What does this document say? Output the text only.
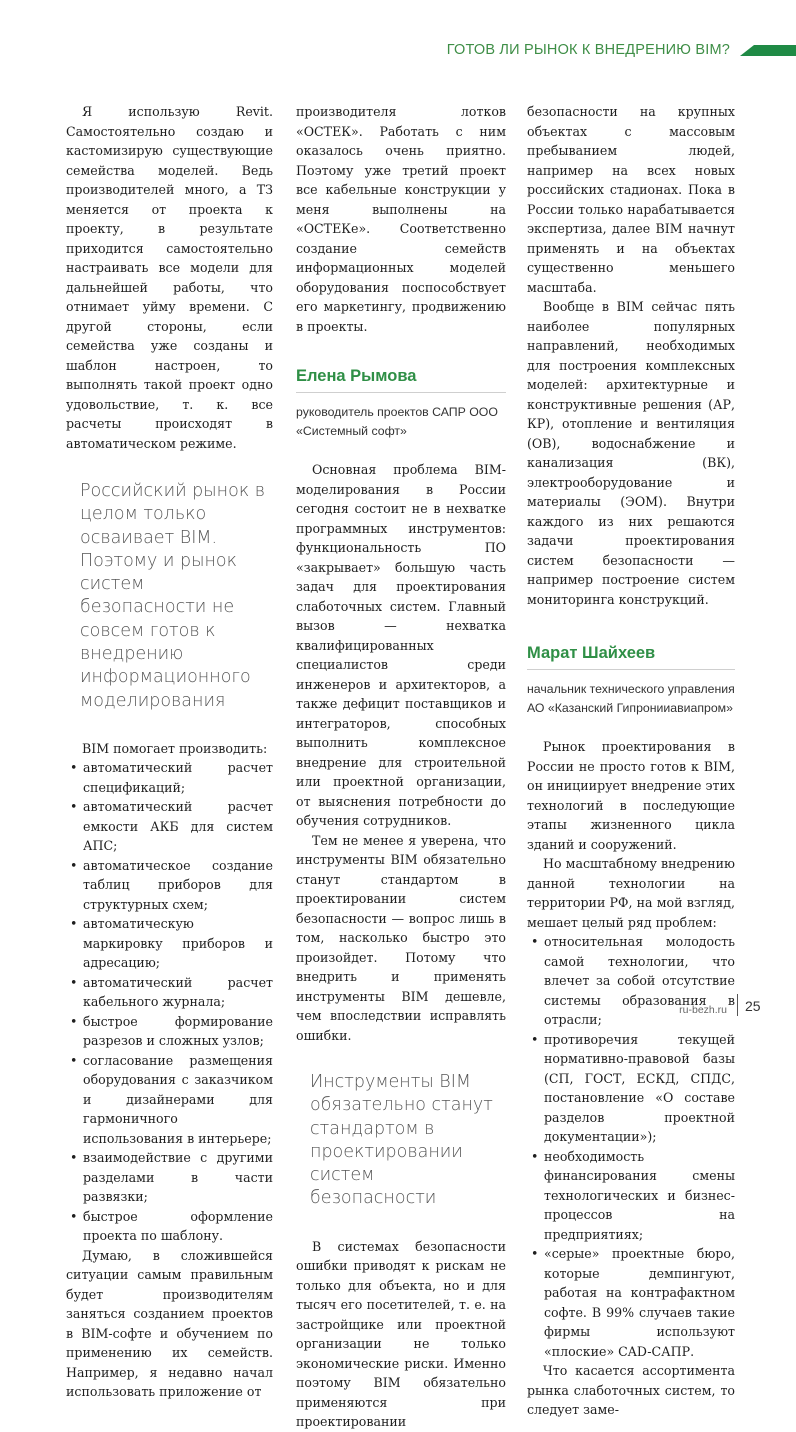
ГОТОВ ЛИ РЫНОК К ВНЕДРЕНИЮ BIM?

Я использую Revit. Самостоятельно создаю и кастомизирую существующие семейства моделей. Ведь производителей много, а ТЗ меняется от проекта к проекту, в результате приходится самостоятельно настраивать все модели для дальнейшей работы, что отнимает уйму времени. С другой стороны, если семейства уже созданы и шаблон настроен, то выполнять такой проект одно удовольствие, т. к. все расчеты происходят в автоматическом режиме.

Российский рынок в целом только осваивает BIM. Поэтому и рынок систем безопасности не совсем готов к внедрению информационного моделирования

BIM помогает производить:

• автоматический расчет спецификаций;
• автоматический расчет емкости АКБ для систем АПС;
• автоматическое создание таблиц приборов для структурных схем;
• автоматическую маркировку приборов и адресацию;
• автоматический расчет кабельного журнала;
• быстрое формирование разрезов и сложных узлов;
• согласование размещения оборудования с заказчиком и дизайнерами для гармоничного использования в интерьере;
• взаимодействие с другими разделами в части развязки;
• быстрое оформление проекта по шаблону.

Думаю, в сложившейся ситуации самым правильным будет производителям заняться созданием проектов в BIM-софте и обучением по применению их семейств. Например, я недавно начал использовать приложение от

производителя лотков «ОСТЕК». Работать с ним оказалось очень приятно. Поэтому уже третий проект все кабельные конструкции у меня выполнены на «ОСТЕКе». Соответственно создание семейств информационных моделей оборудования поспособствует его маркетингу, продвижению в проекты.

Елена Рымова
руководитель проектов САПР ООО «Системный софт»

Основная проблема BIM-моделирования в России сегодня состоит не в нехватке программных инструментов: функциональность ПО «закрывает» большую часть задач для проектирования слаботочных систем. Главный вызов — нехватка квалифицированных специалистов среди инженеров и архитекторов, а также дефицит поставщиков и интеграторов, способных выполнить комплексное внедрение для строительной или проектной организации, от выяснения потребности до обучения сотрудников.

Тем не менее я уверена, что инструменты BIM обязательно станут стандартом в проектировании систем безопасности — вопрос лишь в том, насколько быстро это произойдет. Потому что внедрить и применять инструменты BIM дешевле, чем впоследствии исправлять ошибки.

Инструменты BIM обязательно станут стандартом в проектировании систем безопасности

В системах безопасности ошибки приводят к рискам не только для объекта, но и для тысяч его посетителей, т. е. на застройщике или проектной организации не только экономические риски. Именно поэтому BIM обязательно применяются при проектировании

безопасности на крупных объектах с массовым пребыванием людей, например на всех новых российских стадионах. Пока в России только нарабатывается экспертиза, далее BIM начнут применять и на объектах существенно меньшего масштаба.

Вообще в BIM сейчас пять наиболее популярных направлений, необходимых для построения комплексных моделей: архитектурные и конструктивные решения (АР, КР), отопление и вентиляция (ОВ), водоснабжение и канализация (ВК), электрооборудование и материалы (ЭОМ). Внутри каждого из них решаются задачи проектирования систем безопасности — например построение систем мониторинга конструкций.

Марат Шайхеев
начальник технического управления АО «Казанский Гипронииавиапром»

Рынок проектирования в России не просто готов к BIM, он инициирует внедрение этих технологий в последующие этапы жизненного цикла зданий и сооружений.

Но масштабному внедрению данной технологии на территории РФ, на мой взгляд, мешает целый ряд проблем:

• относительная молодость самой технологии, что влечет за собой отсутствие системы образования в отрасли;
• противоречия текущей нормативно-правовой базы (СП, ГОСТ, ЕСКД, СПДС, постановление «О составе разделов проектной документации»);
• необходимость финансирования смены технологических и бизнес-процессов на предприятиях;
• «серые» проектные бюро, которые демпингуют, работая на контрафактном софте. В 99% случаев такие фирмы используют «плоские» CAD-САПР.

Что касается ассортимента рынка слаботочных систем, то следует заме-

ru-bezh.ru 25
